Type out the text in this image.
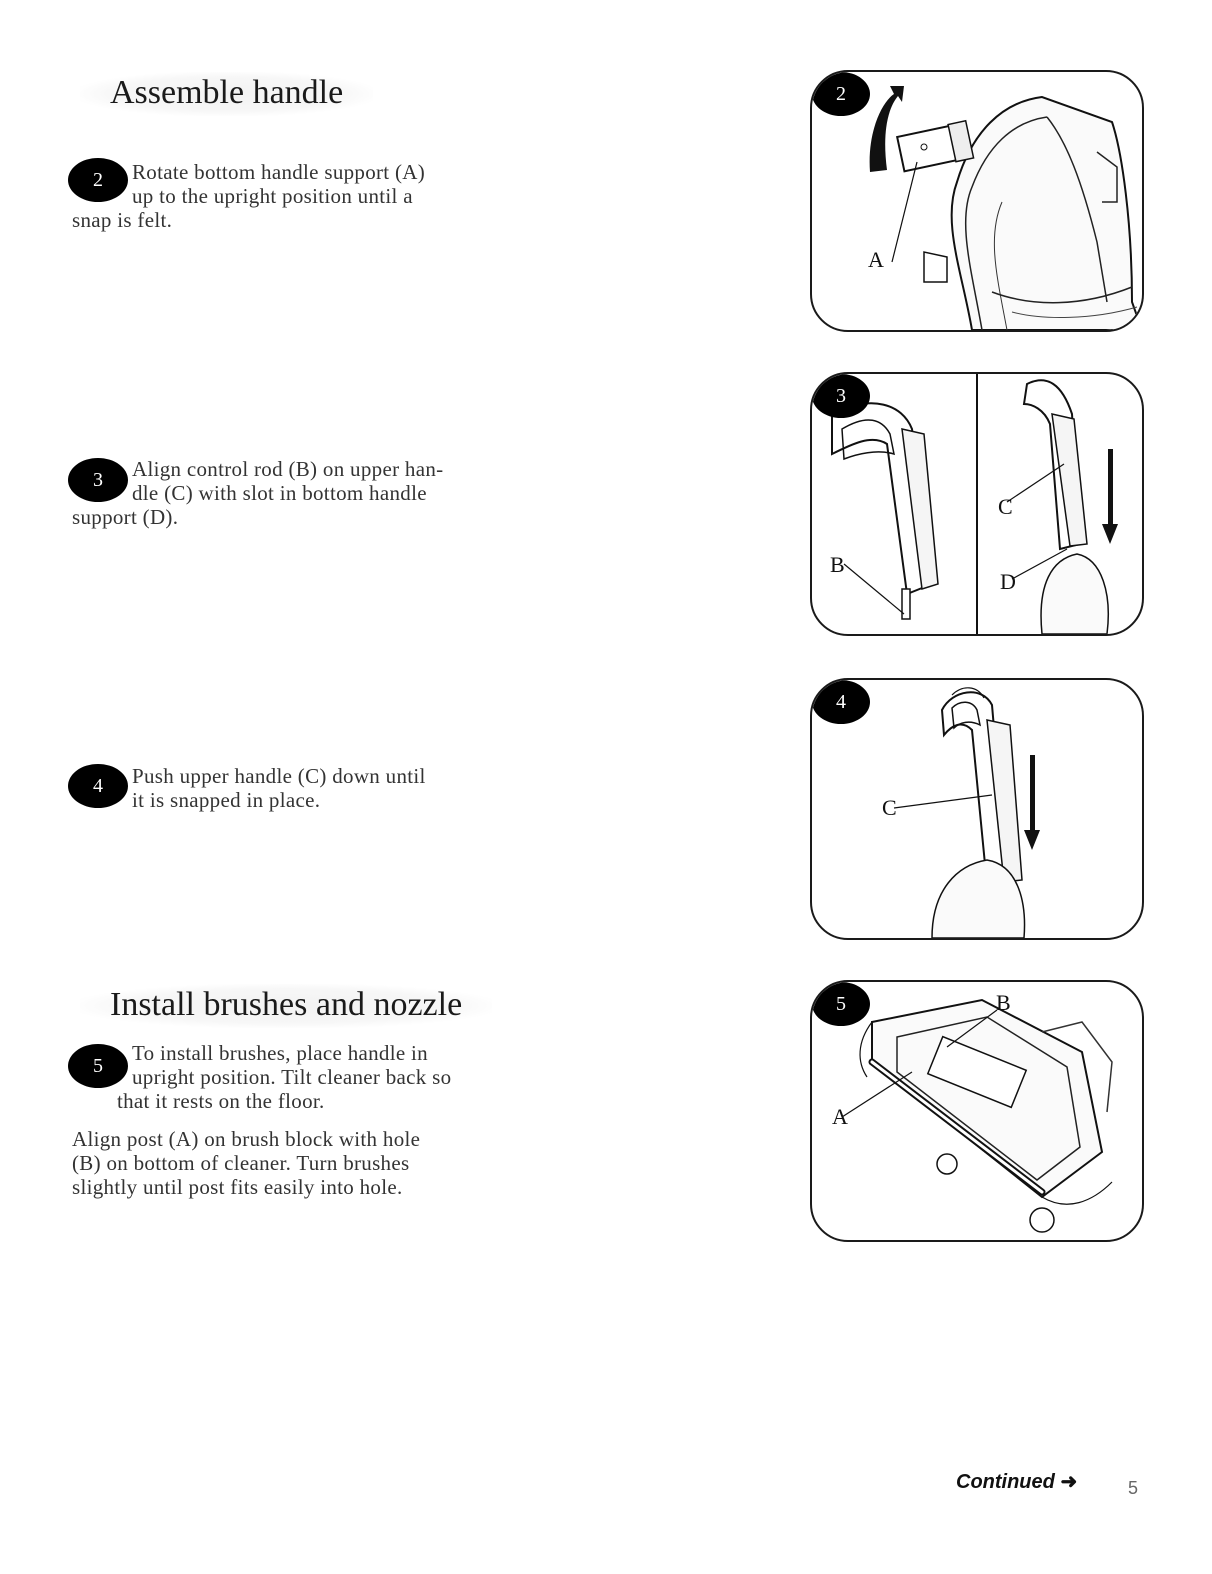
Assemble handle
2	Rotate bottom handle support (A)
up to the upright position until a
snap is felt.
3	Align control rod (B) on upper han-
dle (C) with slot in bottom handle
support (D).
4	Push upper handle (C) down until
it is snapped in place.
Install brushes and nozzle
5
To install brushes, place handle in
upright position. Tilt cleaner back so
that it rests on the floor.
Align post (A) on brush block with hole
(B) on bottom of cleaner. Turn brushes
slightly until post fits easily into hole.
2
A
3
B
C
D
4
C
5	B
A
Continued ➜	5
